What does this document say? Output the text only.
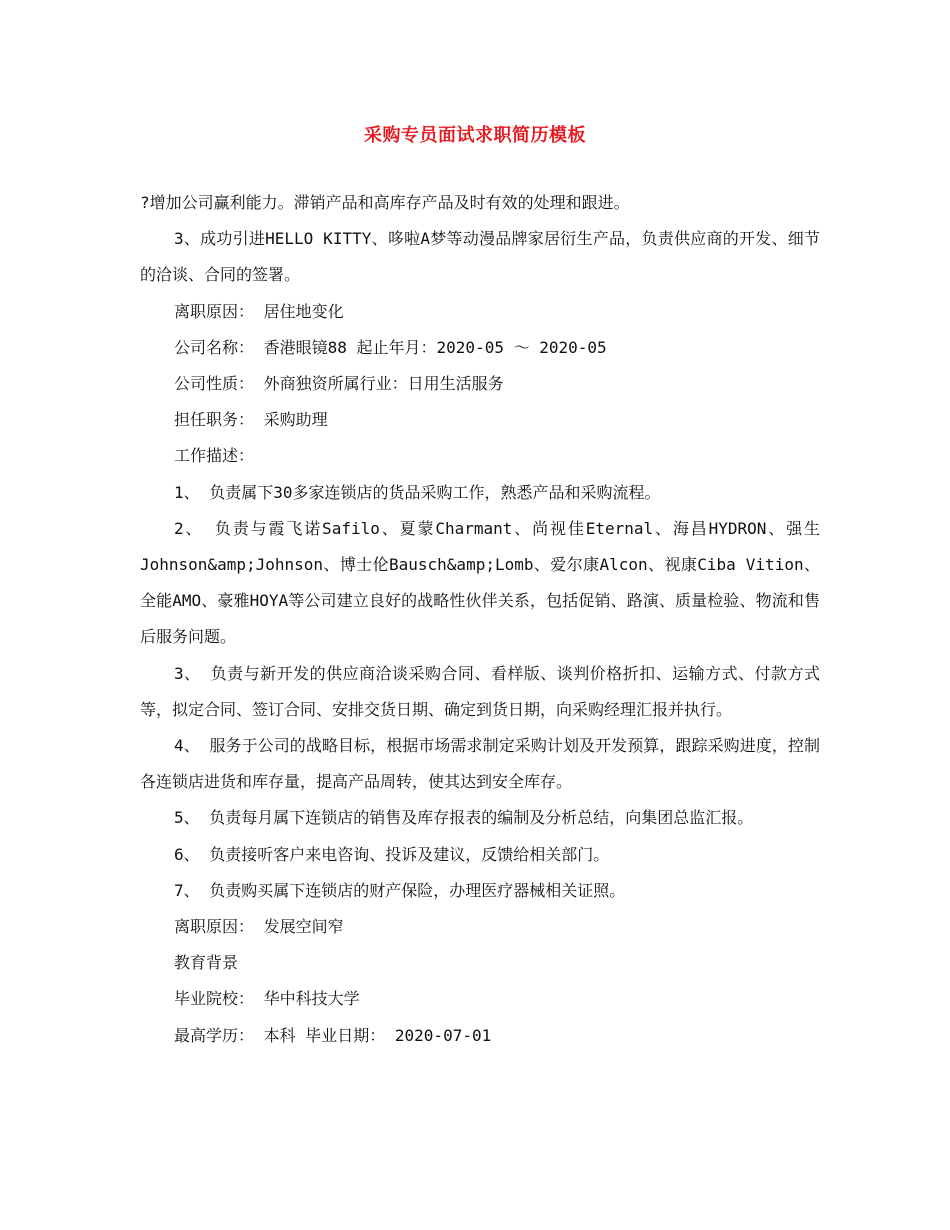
采购专员面试求职简历模板

?增加公司赢利能力。滞销产品和高库存产品及时有效的处理和跟进。

3、成功引进HELLO KITTY、哆啦A梦等动漫品牌家居衍生产品，负责供应商的开发、细节的洽谈、合同的签署。

离职原因： 居住地变化

公司名称： 香港眼镜88 起止年月：2020-05 ～ 2020-05

公司性质： 外商独资所属行业：日用生活服务

担任职务： 采购助理

工作描述：

1、 负责属下30多家连锁店的货品采购工作，熟悉产品和采购流程。

2、 负责与霞飞诺Safilo、夏蒙Charmant、尚视佳Eternal、海昌HYDRON、强生Johnson&amp;Johnson、博士伦Bausch&amp;Lomb、爱尔康Alcon、视康Ciba Vition、全能AMO、豪雅HOYA等公司建立良好的战略性伙伴关系，包括促销、路演、质量检验、物流和售后服务问题。

3、 负责与新开发的供应商洽谈采购合同、看样版、谈判价格折扣、运输方式、付款方式等，拟定合同、签订合同、安排交货日期、确定到货日期，向采购经理汇报并执行。

4、 服务于公司的战略目标，根据市场需求制定采购计划及开发预算，跟踪采购进度，控制各连锁店进货和库存量，提高产品周转，使其达到安全库存。

5、 负责每月属下连锁店的销售及库存报表的编制及分析总结，向集团总监汇报。

6、 负责接听客户来电咨询、投诉及建议，反馈给相关部门。

7、 负责购买属下连锁店的财产保险，办理医疗器械相关证照。

离职原因： 发展空间窄

教育背景

毕业院校： 华中科技大学

最高学历： 本科 毕业日期： 2020-07-01
